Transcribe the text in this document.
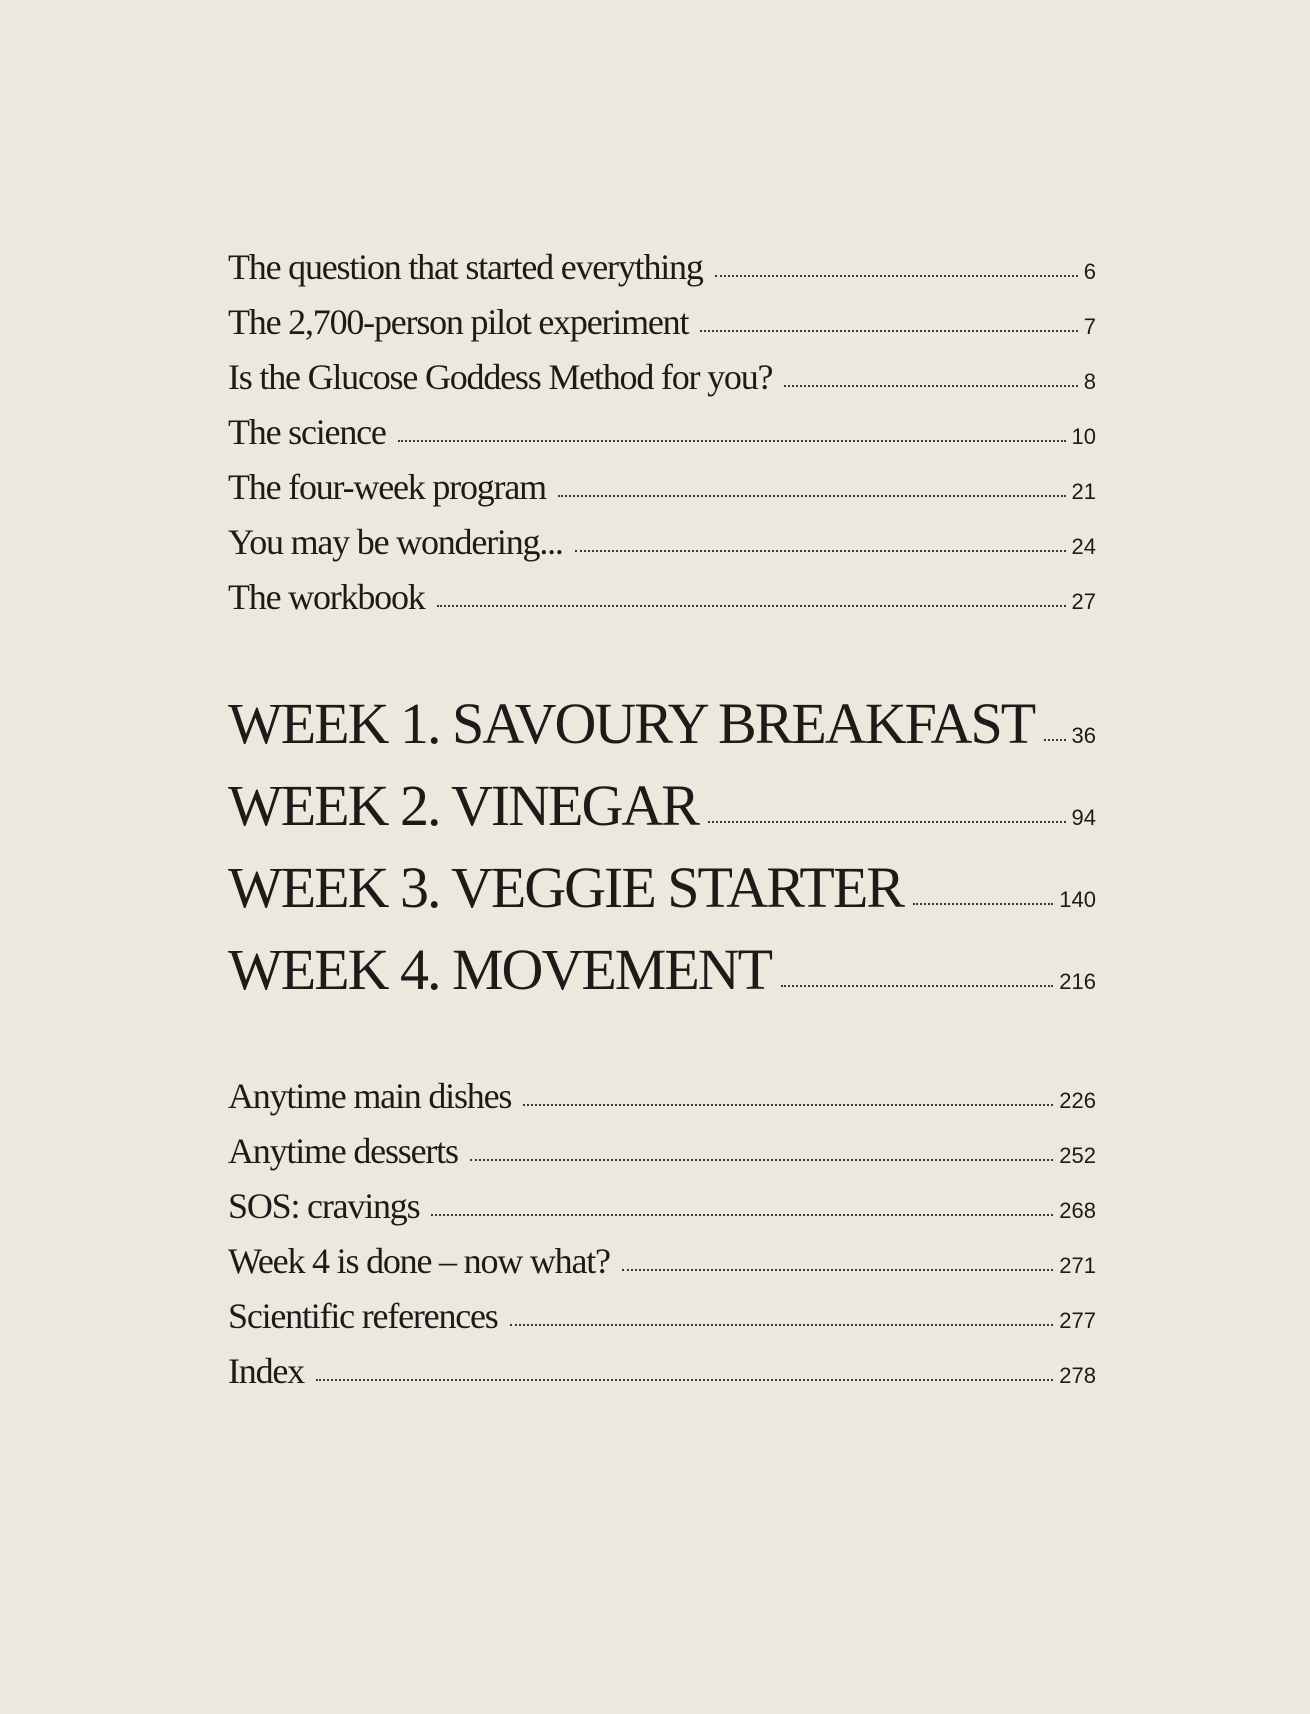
The question that started everything	6
The 2,700-person pilot experiment	7
Is the Glucose Goddess Method for you?	8
The science	10
The four-week program	21
You may be wondering...	24
The workbook	27
WEEK 1. SAVOURY BREAKFAST 36
WEEK 2. VINEGAR	94
WEEK 3. VEGGIE STARTER	140
WEEK 4. MOVEMENT	216
Anytime main dishes	226
Anytime desserts	252
SOS: cravings	268
Week 4 is done – now what?	271
Scientific references	277
Index	278
